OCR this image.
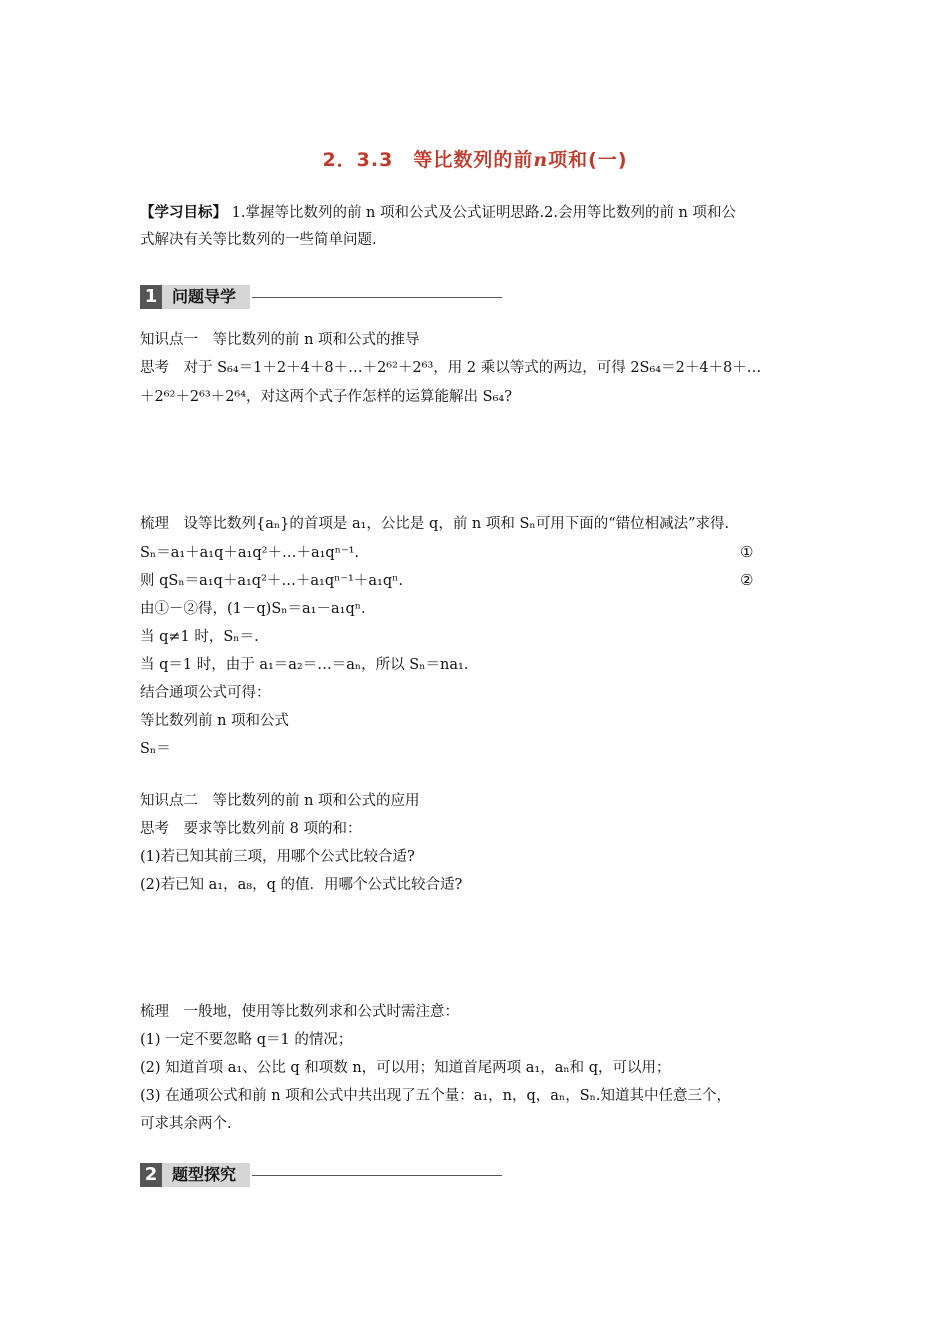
2．3.3　等比数列的前n项和(一)
【学习目标】 1.掌握等比数列的前 n 项和公式及公式证明思路.2.会用等比数列的前 n 项和公
式解决有关等比数列的一些简单问题.
1 问题导学
知识点一　等比数列的前 n 项和公式的推导
思考　对于 S₆₄＝1＋2＋4＋8＋…＋2⁶²＋2⁶³，用 2 乘以等式的两边，可得 2S₆₄＝2＋4＋8＋…
＋2⁶²＋2⁶³＋2⁶⁴，对这两个式子作怎样的运算能解出 S₆₄?
梳理　设等比数列{aₙ}的首项是 a₁，公比是 q，前 n 项和 Sₙ可用下面的“错位相减法”求得.
Sₙ＝a₁＋a₁q＋a₁q²＋…＋a₁qⁿ⁻¹.	①
则 qSₙ＝a₁q＋a₁q²＋…＋a₁qⁿ⁻¹＋a₁qⁿ.	②
由①－②得，(1－q)Sₙ＝a₁－a₁qⁿ.
当 q≠1 时，Sₙ＝.
当 q＝1 时，由于 a₁＝a₂＝…＝aₙ，所以 Sₙ＝na₁.
结合通项公式可得：
等比数列前 n 项和公式
Sₙ＝
知识点二　等比数列的前 n 项和公式的应用
思考　要求等比数列前 8 项的和：
(1)若已知其前三项，用哪个公式比较合适?
(2)若已知 a₁，a₈，q 的值．用哪个公式比较合适?
梳理　一般地，使用等比数列求和公式时需注意：
(1) 一定不要忽略 q＝1 的情况；
(2) 知道首项 a₁、公比 q 和项数 n，可以用；知道首尾两项 a₁，aₙ和 q，可以用；
(3) 在通项公式和前 n 项和公式中共出现了五个量：a₁，n，q，aₙ，Sₙ.知道其中任意三个，
可求其余两个.
2 题型探究
